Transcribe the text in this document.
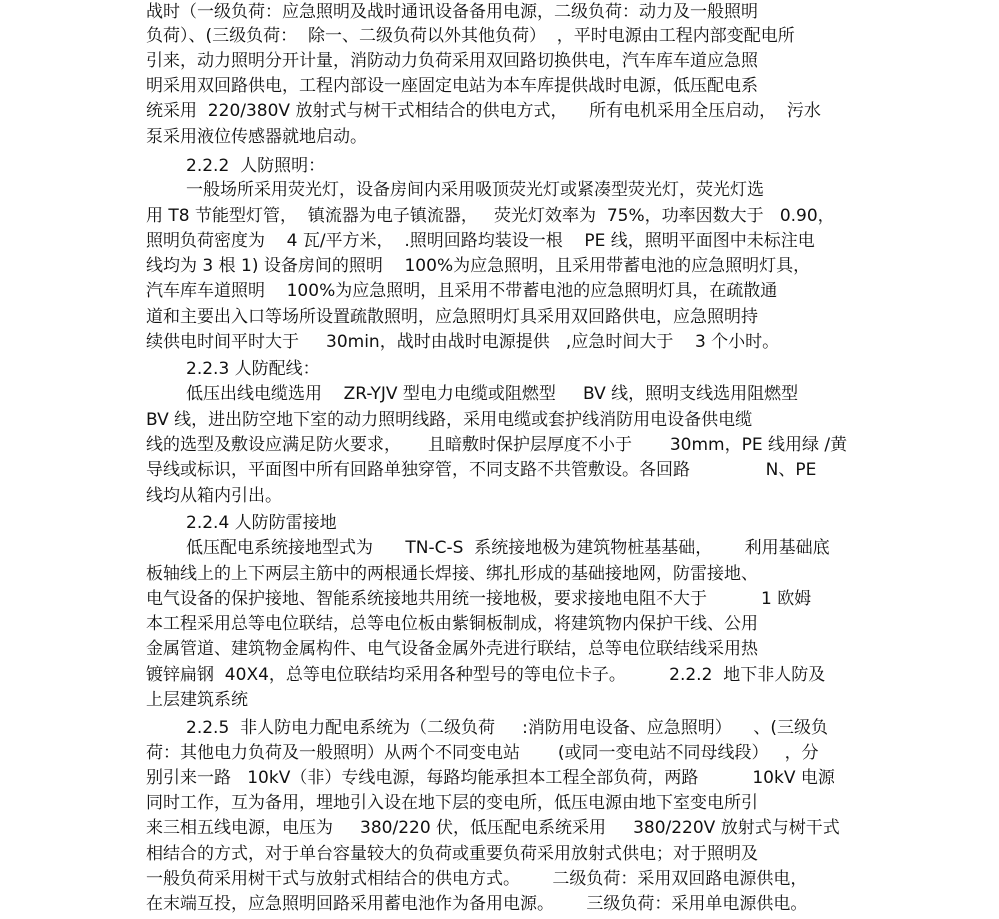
战时（一级负荷：应急照明及战时通讯设备备用电源，二级负荷：动力及一般照明
负荷）、(三级负荷：  除一、二级负荷以外其他负荷）  ，平时电源由工程内部变配电所
引来，动力照明分开计量，消防动力负荷采用双回路切换供电，汽车库车道应急照
明采用双回路供电，工程内部设一座固定电站为本车库提供战时电源，低压配电系
统采用  220/380V 放射式与树干式相结合的供电方式，    所有电机采用全压启动，  污水
泵采用液位传感器就地启动。
2.2.2  人防照明：
一般场所采用荧光灯，设备房间内采用吸顶荧光灯或紧凑型荧光灯，荧光灯选
用 T8 节能型灯管，  镇流器为电子镇流器，   荧光灯效率为  75%，功率因数大于   0.90，
照明负荷密度为    4 瓦/平方米，  .照明回路均装设一根    PE 线，照明平面图中未标注电
线均为 3 根 1) 设备房间的照明    100%为应急照明，且采用带蓄电池的应急照明灯具，
汽车库车道照明    100%为应急照明，且采用不带蓄电池的应急照明灯具，在疏散通
道和主要出入口等场所设置疏散照明，应急照明灯具采用双回路供电，应急照明持
续供电时间平时大于     30min，战时由战时电源提供   ,应急时间大于    3 个小时。
2.2.3 人防配线：
低压出线电缆选用    ZR-YJV 型电力电缆或阻燃型     BV 线，照明支线选用阻燃型
BV 线，进出防空地下室的动力照明线路，采用电缆或套护线消防用电设备供电缆
线的选型及敷设应满足防火要求，     且暗敷时保护层厚度不小于       30mm，PE 线用绿 /黄
导线或标识，平面图中所有回路单独穿管，不同支路不共管敷设。各回路              N、PE
线均从箱内引出。
2.2.4 人防防雷接地
低压配电系统接地型式为      TN-C-S  系统接地极为建筑物桩基基础，      利用基础底
板轴线上的上下两层主筋中的两根通长焊接、绑扎形成的基础接地网，防雷接地、
电气设备的保护接地、智能系统接地共用统一接地极，要求接地电阻不大于          1 欧姆
本工程采用总等电位联结，总等电位板由紫铜板制成，将建筑物内保护干线、公用
金属管道、建筑物金属构件、电气设备金属外壳进行联结，总等电位联结线采用热
镀锌扁钢  40X4，总等电位联结均采用各种型号的等电位卡子。        2.2.2  地下非人防及
上层建筑系统
2.2.5  非人防电力配电系统为（二级负荷     :消防用电设备、应急照明）    、(三级负
荷：其他电力负荷及一般照明）从两个不同变电站       (或同一变电站不同母线段）   ，分
别引来一路   10kV（非）专线电源，每路均能承担本工程全部负荷，两路          10kV 电源
同时工作，互为备用，埋地引入设在地下层的变电所，低压电源由地下室变电所引
来三相五线电源，电压为     380/220 伏，低压配电系统采用     380/220V 放射式与树干式
相结合的方式，对于单台容量较大的负荷或重要负荷采用放射式供电；对于照明及
一般负荷采用树干式与放射式相结合的供电方式。      二级负荷：采用双回路电源供电，
在末端互投，应急照明回路采用蓄电池作为备用电源。      三级负荷：采用单电源供电。
